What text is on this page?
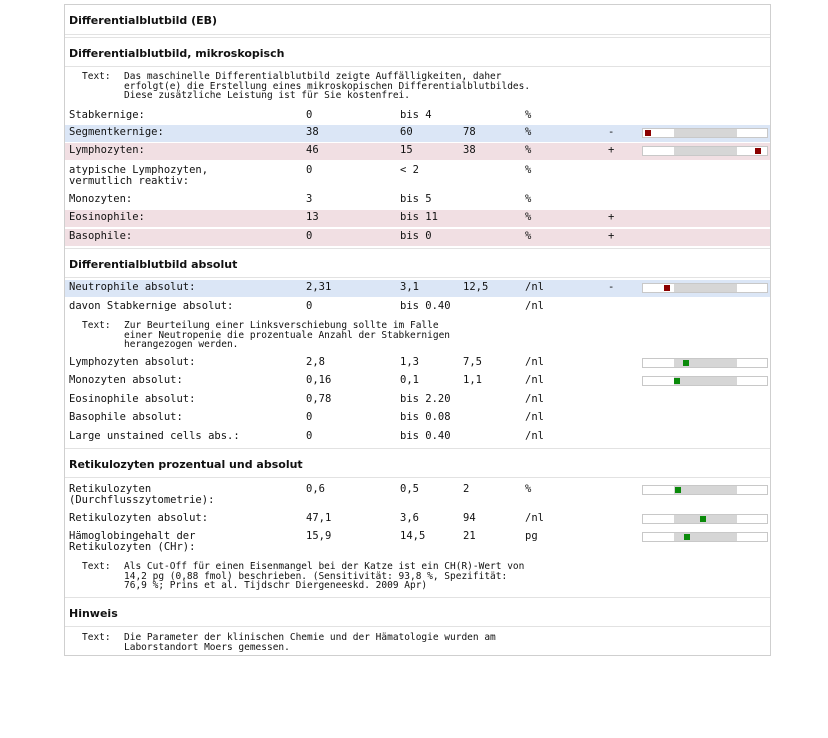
Differentialblutbild (EB)
Differentialblutbild, mikroskopisch
Text: Das maschinelle Differentialblutbild zeigte Auffälligkeiten, daher
erfolgt(e) die Erstellung eines mikroskopischen Differentialblutbildes.
Diese zusätzliche Leistung ist für Sie kostenfrei.
Stabkernige:	0	bis 4	%
Segmentkernige:	38	60	78	%	-
Lymphozyten:	46	15	38	%	+
atypische Lymphozyten,
vermutlich reaktiv:
0	< 2	%
Monozyten:	3	bis 5	%
Eosinophile:	13	bis 11	%	+
Basophile:	0	bis 0	%	+
Differentialblutbild absolut
Neutrophile absolut:	2,31	3,1	12,5	/nl	-
davon Stabkernige absolut:	0	bis 0.40	/nl
Text: Zur Beurteilung einer Linksverschiebung sollte im Falle
einer Neutropenie die prozentuale Anzahl der Stabkernigen
herangezogen werden.
Lymphozyten absolut:	2,8	1,3	7,5	/nl
Monozyten absolut:	0,16	0,1	1,1	/nl
Eosinophile absolut:	0,78	bis 2.20	/nl
Basophile absolut:	0	bis 0.08	/nl
Large unstained cells abs.:	0	bis 0.40	/nl
Retikulozyten prozentual und absolut
Retikulozyten
(Durchflusszytometrie):
0,6	0,5	2	%
Retikulozyten absolut:	47,1	3,6	94	/nl
Hämoglobingehalt der
Retikulozyten (CHr):
15,9	14,5	21	pg
Text: Als Cut-Off für einen Eisenmangel bei der Katze ist ein CH(R)-Wert von
14,2 pg (0,88 fmol) beschrieben. (Sensitivität: 93,8 %, Spezifität:
76,9 %; Prins et al. Tijdschr Diergeneeskd. 2009 Apr)
Hinweis
Text: Die Parameter der klinischen Chemie und der Hämatologie wurden am
Laborstandort Moers gemessen.
